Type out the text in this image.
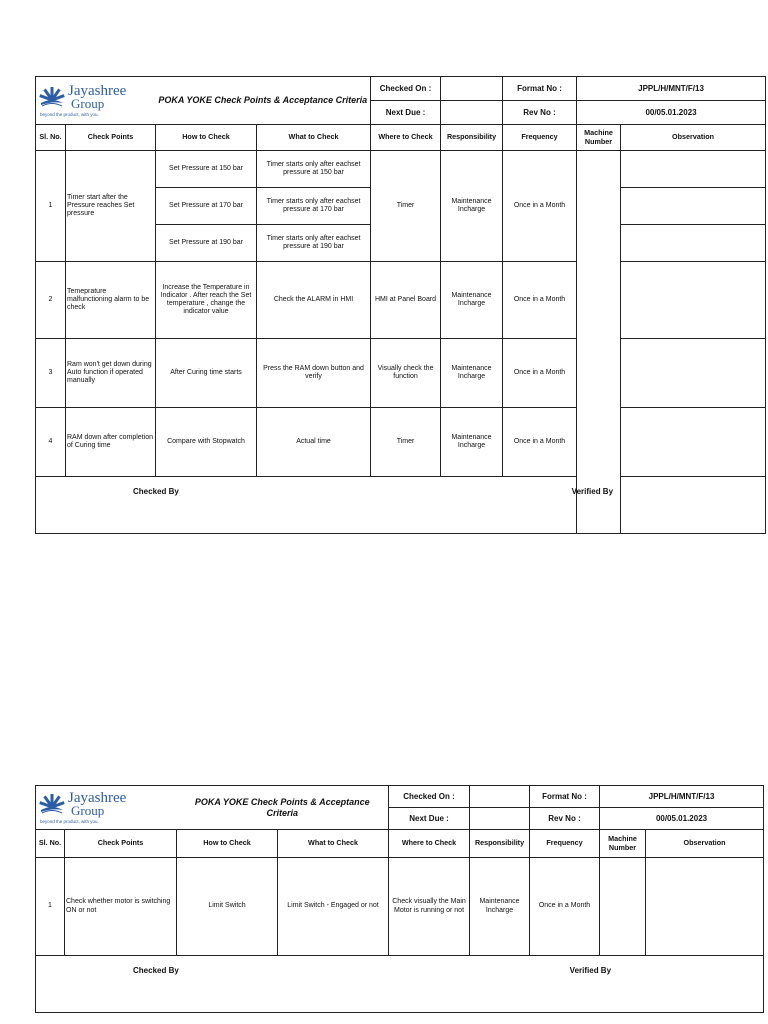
Jayashree
Group
beyond the product, with you.		POKA YOKE Check Points & Acceptance Criteria		Checked On :		Format No :	JPPL/H/MNT/F/13	
				Next Due :		Rev No :	00/05.01.2023	
Sl. No.	Check Points	How to Check	What to Check	Where to Check	Responsibility	Frequency	Machine Number	Observation
1	Timer start after the Pressure reaches Set pressure	Set Pressure at 150 bar	Timer starts only after eachset pressure at 150 bar	Timer	Maintenance Incharge	Once in a Month		
		Set Pressure at 170 bar	Timer starts only after eachset pressure at 170 bar					
		Set Pressure at 190 bar	Timer starts only after eachset pressure at 190 bar					
2	Temeprature malfunctioning alarm to be check	Increase the Temperature in Indicator . After reach the Set temperature , change the indicator value	Check the ALARM in HMI	HMI at Panel Board	Maintenance Incharge	Once in a Month		
3	Ram won't get down during Auto function if operated manually	After Curing time starts	Press the RAM down button and verify	Visually check the function	Maintenance Incharge	Once in a Month		
4	RAM down after completion of Curing time	Compare with Stopwatch	Actual time	Timer	Maintenance Incharge	Once in a Month		

Checked By Verified By								
Jayashree
Group
beyond the product, with you.		POKA YOKE Check Points & Acceptance Criteria		Checked On :		Format No :	JPPL/H/MNT/F/13	
				Next Due :		Rev No :	00/05.01.2023	
Sl. No.	Check Points	How to Check	What to Check	Where to Check	Responsibility	Frequency	Machine Number	Observation
1	Check whether motor is switching ON or not	Limit Switch	Limit Switch - Engaged or not	Check visually the Main Motor is running or not	Maintenance Incharge	Once in a Month		

Checked By Verified By								
